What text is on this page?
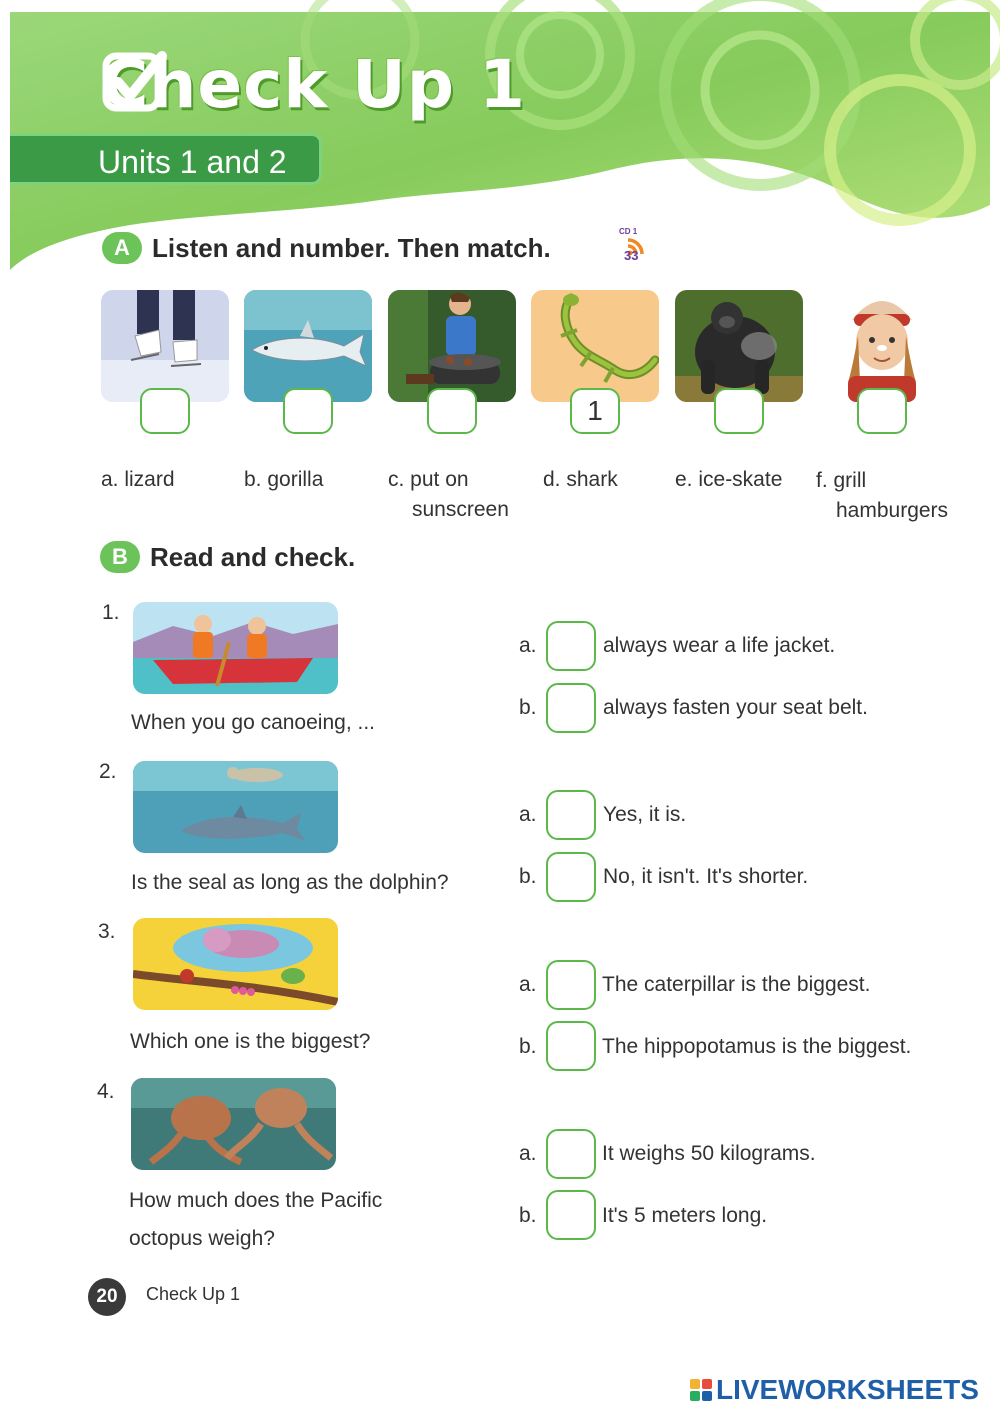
Check Up 1
Units 1 and 2
A Listen and number. Then match.
CD 1
33
1
a. lizard	b. gorilla	c. put on
sunscreen
d. shark	e. ice-skate f. grill
hamburgers
B Read and check.
1.
When you go canoeing, ...
a.	always wear a life jacket.
b.	always fasten your seat belt.
2.
Is the seal as long as the dolphin?
a.	Yes, it is.
b.	No, it isn't. It's shorter.
3.
Which one is the biggest?
a.	The caterpillar is the biggest.
b.	The hippopotamus is the biggest.
4.
How much does the Pacific
octopus weigh?
a.	It weighs 50 kilograms.
b.	It's 5 meters long.
20	Check Up 1
LIVEWORKSHEETS
